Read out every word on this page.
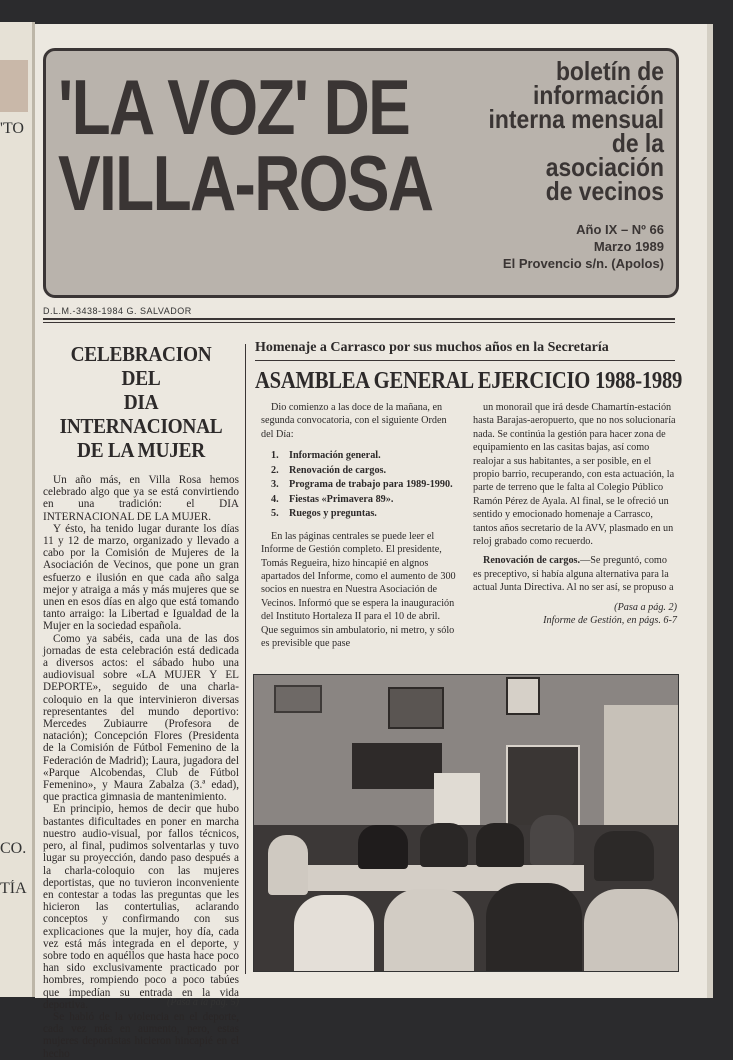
'TO
CO.
TÍA
'LA VOZ' DE
VILLA-ROSA
boletín de
información
interna mensual
de la
asociación
de vecinos
Año IX – Nº 66
Marzo 1989
El Provencio s/n. (Apolos)
D.L.M.-3438-1984 G. SALVADOR
CELEBRACION DEL
DIA INTERNACIONAL
DE LA MUJER

Un año más, en Villa Rosa hemos celebrado algo que ya se está convirtiendo en una tradición: el DIA INTERNACIONAL DE LA MUJER.

Y ésto, ha tenido lugar durante los días 11 y 12 de marzo, organizado y llevado a cabo por la Comisión de Mujeres de la Asociación de Vecinos, que pone un gran esfuerzo e ilusión en que cada año salga mejor y atraiga a más y más mujeres que se unen en esos días en algo que está tomando tanto arraigo: la Libertad e Igualdad de la Mujer en la sociedad española.

Como ya sabéis, cada una de las dos jornadas de esta celebración está dedicada a diversos actos: el sábado hubo una audiovisual sobre «LA MUJER Y EL DEPORTE», seguido de una charla-coloquio en la que intervinieron diversas representantes del mundo deportivo: Mercedes Zubiaurre (Profesora de natación); Concepción Flores (Presidenta de la Comisión de Fútbol Femenino de la Federación de Madrid); Laura, jugadora del «Parque Alcobendas, Club de Fútbol Femenino», y Maura Zabalza (3.ª edad), que practica gimnasia de mantenimiento.

En principio, hemos de decir que hubo bastantes dificultades en poner en marcha nuestro audio-visual, por fallos técnicos, pero, al final, pudimos solventarlas y tuvo lugar su proyección, dando paso después a la charla-coloquio con las mujeres deportistas, que no tuvieron inconveniente en contestar a todas las preguntas que les hicieron las contertulias, aclarando conceptos y confirmando con sus explicaciones que la mujer, hoy día, cada vez está más integrada en el deporte, y sobre todo en aquéllos que hasta hace poco han sido exclusivamente practicado por hombres, rompiendo poco a poco tabúes que impedían su entrada en la vida deportiva.

Se habló de la violencia en el deporte, cada vez más en aumento, pero, estas mujeres deportistas hicieron hincapié en el hecho

(Pasa a la pág. 5)
Homenaje a Carrasco por sus muchos años en la Secretaría
ASAMBLEA GENERAL EJERCICIO 1988-1989

Dio comienzo a las doce de la mañana, en segunda convocatoria, con el siguiente Orden del Día:

1. Información general.
2. Renovación de cargos.
3. Programa de trabajo para 1989-1990.
4. Fiestas «Primavera 89».
5. Ruegos y preguntas.

En las páginas centrales se puede leer el Informe de Gestión completo. El presidente, Tomás Regueira, hizo hincapié en algnos apartados del Informe, como el aumento de 300 socios en nuestra en Nuestra Asociación de Vecinos. Informó que se espera la inauguración del Instituto Hortaleza II para el 10 de abril. Que seguimos sin ambulatorio, ni metro, y sólo es previsible que pase

un monorail que irá desde Chamartín-estación hasta Barajas-aeropuerto, que no nos solucionaría nada. Se continúa la gestión para hacer zona de equipamiento en las casitas bajas, así como realojar a sus habitantes, a ser posible, en el propio barrio, recuperando, con esta actuación, la parte de terreno que le falta al Colegio Público Ramón Pérez de Ayala. Al final, se le ofreció un sentido y emocionado homenaje a Carrasco, tantos años secretario de la AVV, plasmado en un reloj grabado como recuerdo.

Renovación de cargos.—Se preguntó, como es preceptivo, si había alguna alternativa para la actual Junta Directiva. Al no ser así, se propuso a

(Pasa a pág. 2)
Informe de Gestión, en págs. 6-7
